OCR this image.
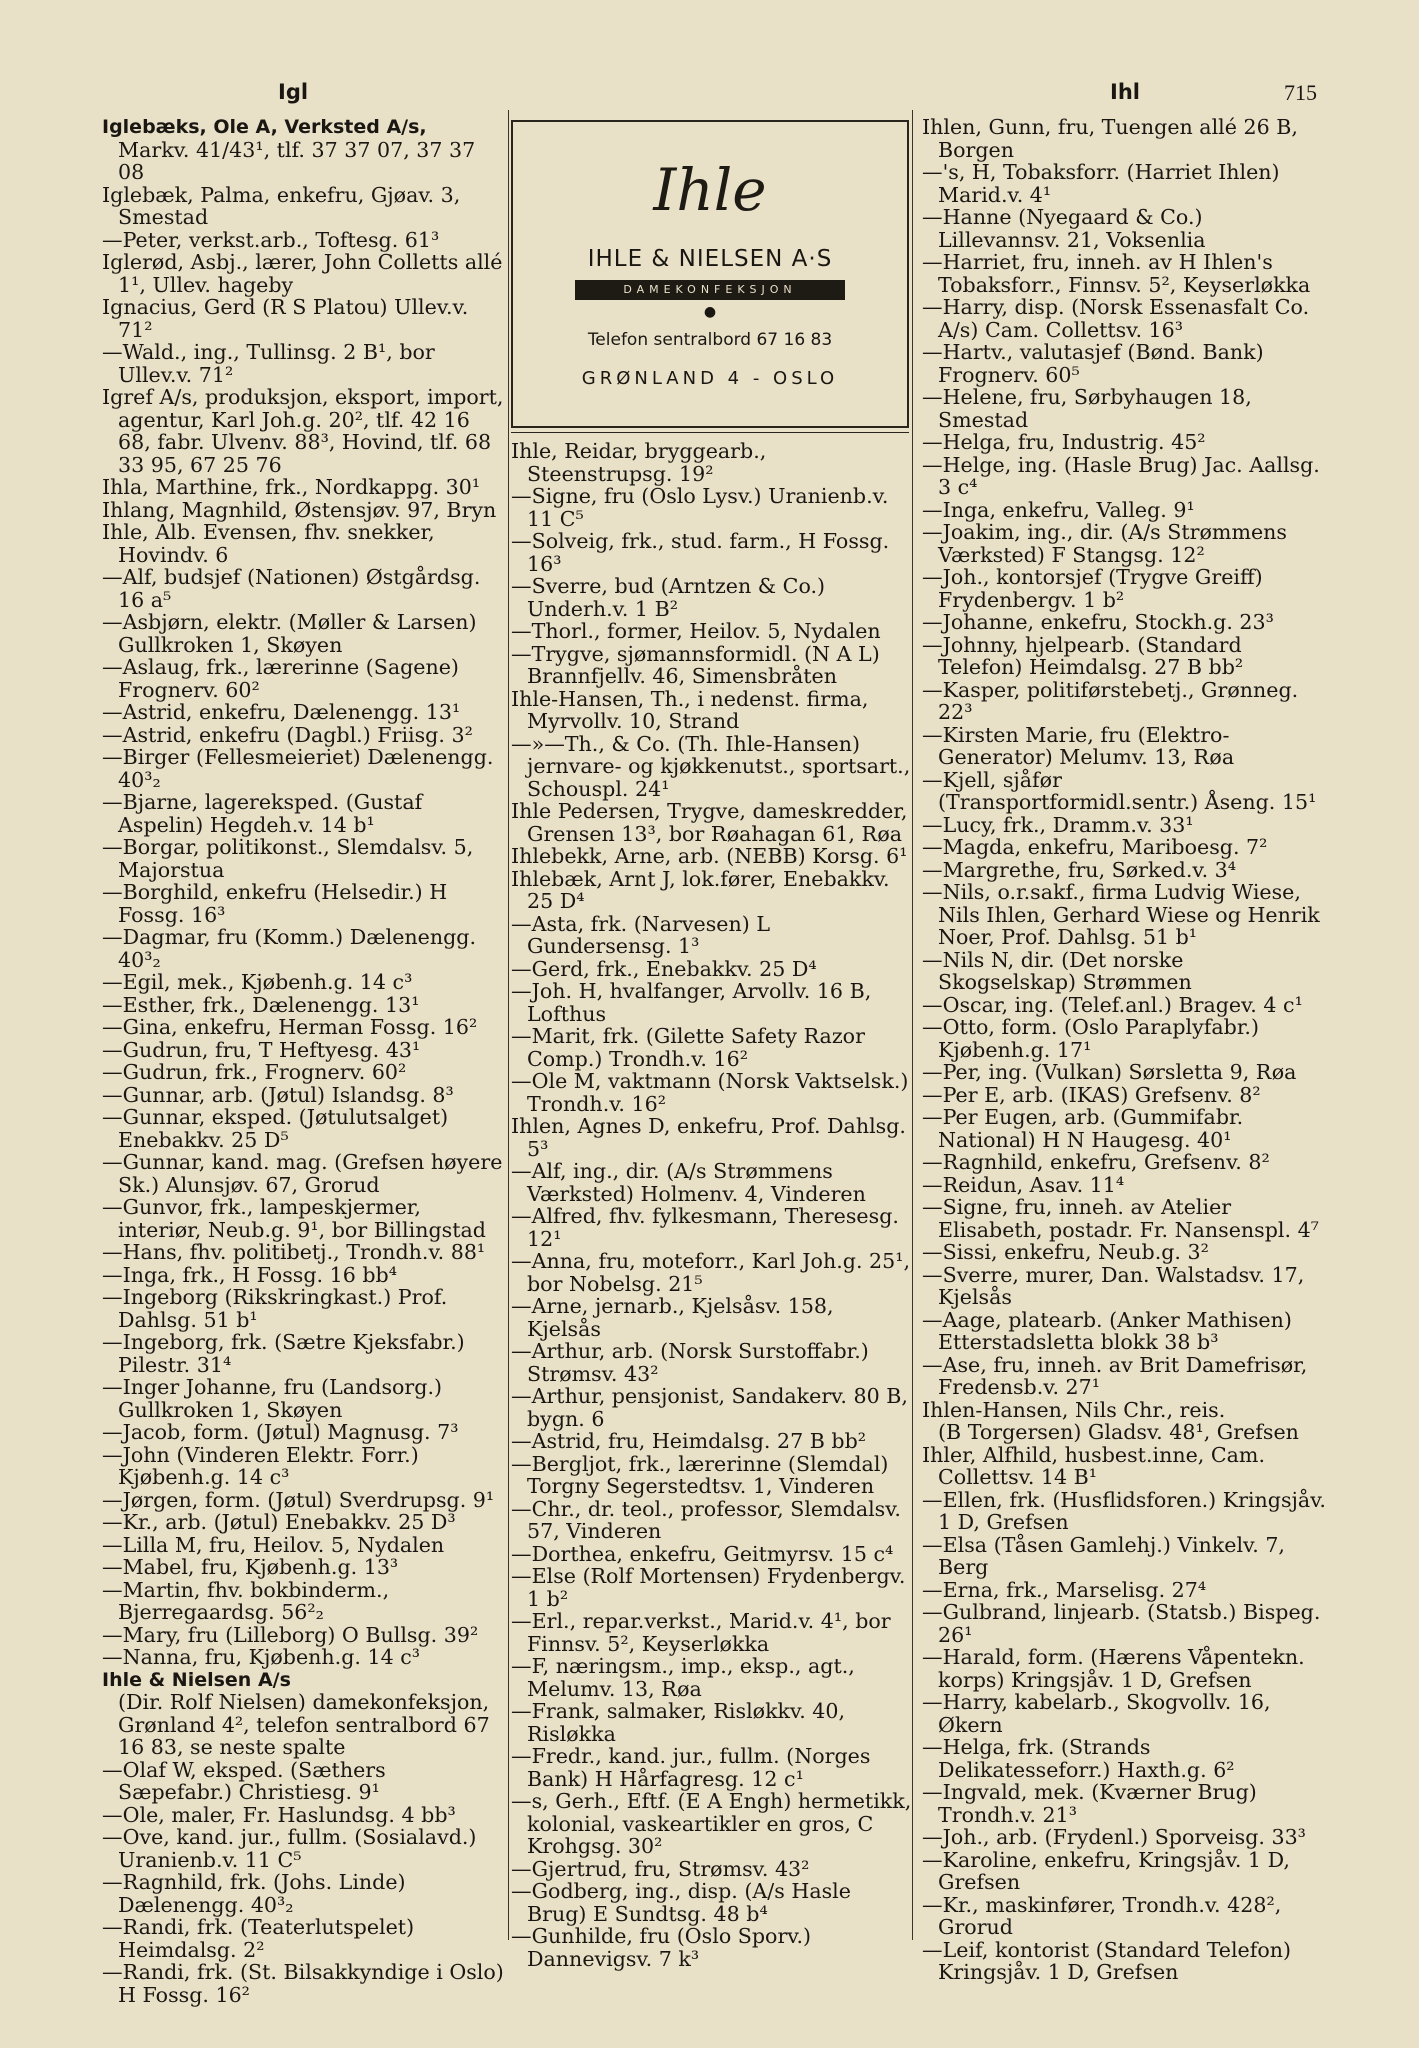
Igl	Ihl	715
Iglebæks, Ole A, Verksted A/s,
Markv. 41/43¹, tlf. 37 37 07, 37 37 08
Iglebæk, Palma, enkefru, Gjøav. 3, Smestad
—Peter, verkst.arb., Toftesg. 61³
Iglerød, Asbj., lærer, John Colletts allé 1¹, Ullev. hageby
Ignacius, Gerd (R S Platou) Ullev.v. 71²
—Wald., ing., Tullinsg. 2 B¹, bor Ullev.v. 71²
Igref A/s, produksjon, eksport, import, agentur, Karl Joh.g. 20², tlf. 42 16 68, fabr. Ulvenv. 88³, Hovind, tlf. 68 33 95, 67 25 76
Ihla, Marthine, frk., Nordkappg. 30¹
Ihlang, Magnhild, Østensjøv. 97, Bryn
Ihle, Alb. Evensen, fhv. snekker, Hovindv. 6
—Alf, budsjef (Nationen) Østgårdsg. 16 a⁵
—Asbjørn, elektr. (Møller & Larsen) Gullkroken 1, Skøyen
—Aslaug, frk., lærerinne (Sagene) Frognerv. 60²
—Astrid, enkefru, Dælenengg. 13¹
—Astrid, enkefru (Dagbl.) Friisg. 3²
—Birger (Fellesmeieriet) Dælenengg. 40³₂
—Bjarne, lagereksped. (Gustaf Aspelin) Hegdeh.v. 14 b¹
—Borgar, politikonst., Slemdalsv. 5, Majorstua
—Borghild, enkefru (Helsedir.) H Fossg. 16³
—Dagmar, fru (Komm.) Dælenengg. 40³₂
—Egil, mek., Kjøbenh.g. 14 c³
—Esther, frk., Dælenengg. 13¹
—Gina, enkefru, Herman Fossg. 16²
—Gudrun, fru, T Heftyesg. 43¹
—Gudrun, frk., Frognerv. 60²
—Gunnar, arb. (Jøtul) Islandsg. 8³
—Gunnar, eksped. (Jøtulutsalget) Enebakkv. 25 D⁵
—Gunnar, kand. mag. (Grefsen høyere Sk.) Alunsjøv. 67, Grorud
—Gunvor, frk., lampeskjermer, interiør, Neub.g. 9¹, bor Billingstad
—Hans, fhv. politibetj., Trondh.v. 88¹
—Inga, frk., H Fossg. 16 bb⁴
—Ingeborg (Rikskringkast.) Prof. Dahlsg. 51 b¹
—Ingeborg, frk. (Sætre Kjeksfabr.) Pilestr. 31⁴
—Inger Johanne, fru (Landsorg.) Gullkroken 1, Skøyen
—Jacob, form. (Jøtul) Magnusg. 7³
—John (Vinderen Elektr. Forr.) Kjøbenh.g. 14 c³
—Jørgen, form. (Jøtul) Sverdrupsg. 9¹
—Kr., arb. (Jøtul) Enebakkv. 25 D³
—Lilla M, fru, Heilov. 5, Nydalen
—Mabel, fru, Kjøbenh.g. 13³
—Martin, fhv. bokbinderm., Bjerregaardsg. 56²₂
—Mary, fru (Lilleborg) O Bullsg. 39²
—Nanna, fru, Kjøbenh.g. 14 c³
Ihle & Nielsen A/s
(Dir. Rolf Nielsen) damekonfeksjon, Grønland 4², telefon sentralbord 67 16 83, se neste spalte
—Olaf W, eksped. (Sæthers Sæpefabr.) Christiesg. 9¹
—Ole, maler, Fr. Haslundsg. 4 bb³
—Ove, kand. jur., fullm. (Sosialavd.) Uranienb.v. 11 C⁵
—Ragnhild, frk. (Johs. Linde) Dælenengg. 40³₂
—Randi, frk. (Teaterlutspelet) Heimdalsg. 2²
—Randi, frk. (St. Bilsakkyndige i Oslo) H Fossg. 16²
Ihle
IHLE & NIELSEN A·S
DAMEKONFEKSJON
●
Telefon sentralbord 67 16 83
GRØNLAND 4 - OSLO
Ihle, Reidar, bryggearb., Steenstrupsg. 19²
—Signe, fru (Oslo Lysv.) Uranienb.v. 11 C⁵
—Solveig, frk., stud. farm., H Fossg. 16³
—Sverre, bud (Arntzen & Co.) Underh.v. 1 B²
—Thorl., former, Heilov. 5, Nydalen
—Trygve, sjømannsformidl. (N A L) Brannfjellv. 46, Simensbråten
Ihle-Hansen, Th., i nedenst. firma, Myrvollv. 10, Strand
—»—Th., & Co. (Th. Ihle-Hansen) jernvare- og kjøkkenutst., sportsart., Schouspl. 24¹
Ihle Pedersen, Trygve, dameskredder, Grensen 13³, bor Røahagan 61, Røa
Ihlebekk, Arne, arb. (NEBB) Korsg. 6¹
Ihlebæk, Arnt J, lok.fører, Enebakkv. 25 D⁴
—Asta, frk. (Narvesen) L Gundersensg. 1³
—Gerd, frk., Enebakkv. 25 D⁴
—Joh. H, hvalfanger, Arvollv. 16 B, Lofthus
—Marit, frk. (Gilette Safety Razor Comp.) Trondh.v. 16²
—Ole M, vaktmann (Norsk Vaktselsk.) Trondh.v. 16²
Ihlen, Agnes D, enkefru, Prof. Dahlsg. 5³
—Alf, ing., dir. (A/s Strømmens Værksted) Holmenv. 4, Vinderen
—Alfred, fhv. fylkesmann, Theresesg. 12¹
—Anna, fru, moteforr., Karl Joh.g. 25¹, bor Nobelsg. 21⁵
—Arne, jernarb., Kjelsåsv. 158, Kjelsås
—Arthur, arb. (Norsk Surstoffabr.) Strømsv. 43²
—Arthur, pensjonist, Sandakerv. 80 B, bygn. 6
—Astrid, fru, Heimdalsg. 27 B bb²
—Bergljot, frk., lærerinne (Slemdal) Torgny Segerstedtsv. 1, Vinderen
—Chr., dr. teol., professor, Slemdalsv. 57, Vinderen
—Dorthea, enkefru, Geitmyrsv. 15 c⁴
—Else (Rolf Mortensen) Frydenbergv. 1 b²
—Erl., repar.verkst., Marid.v. 4¹, bor Finnsv. 5², Keyserløkka
—F, næringsm., imp., eksp., agt., Melumv. 13, Røa
—Frank, salmaker, Risløkkv. 40, Risløkka
—Fredr., kand. jur., fullm. (Norges Bank) H Hårfagresg. 12 c¹
—s, Gerh., Eftf. (E A Engh) hermetikk, kolonial, vaskeartikler en gros, C Krohgsg. 30²
—Gjertrud, fru, Strømsv. 43²
—Godberg, ing., disp. (A/s Hasle Brug) E Sundtsg. 48 b⁴
—Gunhilde, fru (Oslo Sporv.) Dannevigsv. 7 k³
Ihlen, Gunn, fru, Tuengen allé 26 B, Borgen
—'s, H, Tobaksforr. (Harriet Ihlen) Marid.v. 4¹
—Hanne (Nyegaard & Co.) Lillevannsv. 21, Voksenlia
—Harriet, fru, inneh. av H Ihlen's Tobaksforr., Finnsv. 5², Keyserløkka
—Harry, disp. (Norsk Essenasfalt Co. A/s) Cam. Collettsv. 16³
—Hartv., valutasjef (Bønd. Bank) Frognerv. 60⁵
—Helene, fru, Sørbyhaugen 18, Smestad
—Helga, fru, Industrig. 45²
—Helge, ing. (Hasle Brug) Jac. Aallsg. 3 c⁴
—Inga, enkefru, Valleg. 9¹
—Joakim, ing., dir. (A/s Strømmens Værksted) F Stangsg. 12²
—Joh., kontorsjef (Trygve Greiff) Frydenbergv. 1 b²
—Johanne, enkefru, Stockh.g. 23³
—Johnny, hjelpearb. (Standard Telefon) Heimdalsg. 27 B bb²
—Kasper, politiførstebetj., Grønneg. 22³
—Kirsten Marie, fru (Elektro-Generator) Melumv. 13, Røa
—Kjell, sjåfør (Transportformidl.sentr.) Åseng. 15¹
—Lucy, frk., Dramm.v. 33¹
—Magda, enkefru, Mariboesg. 7²
—Margrethe, fru, Sørked.v. 3⁴
—Nils, o.r.sakf., firma Ludvig Wiese, Nils Ihlen, Gerhard Wiese og Henrik Noer, Prof. Dahlsg. 51 b¹
—Nils N, dir. (Det norske Skogselskap) Strømmen
—Oscar, ing. (Telef.anl.) Bragev. 4 c¹
—Otto, form. (Oslo Paraplyfabr.) Kjøbenh.g. 17¹
—Per, ing. (Vulkan) Sørsletta 9, Røa
—Per E, arb. (IKAS) Grefsenv. 8²
—Per Eugen, arb. (Gummifabr. National) H N Haugesg. 40¹
—Ragnhild, enkefru, Grefsenv. 8²
—Reidun, Asav. 11⁴
—Signe, fru, inneh. av Atelier Elisabeth, postadr. Fr. Nansenspl. 4⁷
—Sissi, enkefru, Neub.g. 3²
—Sverre, murer, Dan. Walstadsv. 17, Kjelsås
—Aage, platearb. (Anker Mathisen) Etterstadsletta blokk 38 b³
—Ase, fru, inneh. av Brit Damefrisør, Fredensb.v. 27¹
Ihlen-Hansen, Nils Chr., reis.
(B Torgersen) Gladsv. 48¹, Grefsen
Ihler, Alfhild, husbest.inne, Cam. Collettsv. 14 B¹
—Ellen, frk. (Husflidsforen.) Kringsjåv. 1 D, Grefsen
—Elsa (Tåsen Gamlehj.) Vinkelv. 7, Berg
—Erna, frk., Marselisg. 27⁴
—Gulbrand, linjearb. (Statsb.) Bispeg. 26¹
—Harald, form. (Hærens Våpentekn. korps) Kringsjåv. 1 D, Grefsen
—Harry, kabelarb., Skogvollv. 16, Økern
—Helga, frk. (Strands Delikatesseforr.) Haxth.g. 6²
—Ingvald, mek. (Kværner Brug) Trondh.v. 21³
—Joh., arb. (Frydenl.) Sporveisg. 33³
—Karoline, enkefru, Kringsjåv. 1 D, Grefsen
—Kr., maskinfører, Trondh.v. 428², Grorud
—Leif, kontorist (Standard Telefon) Kringsjåv. 1 D, Grefsen
